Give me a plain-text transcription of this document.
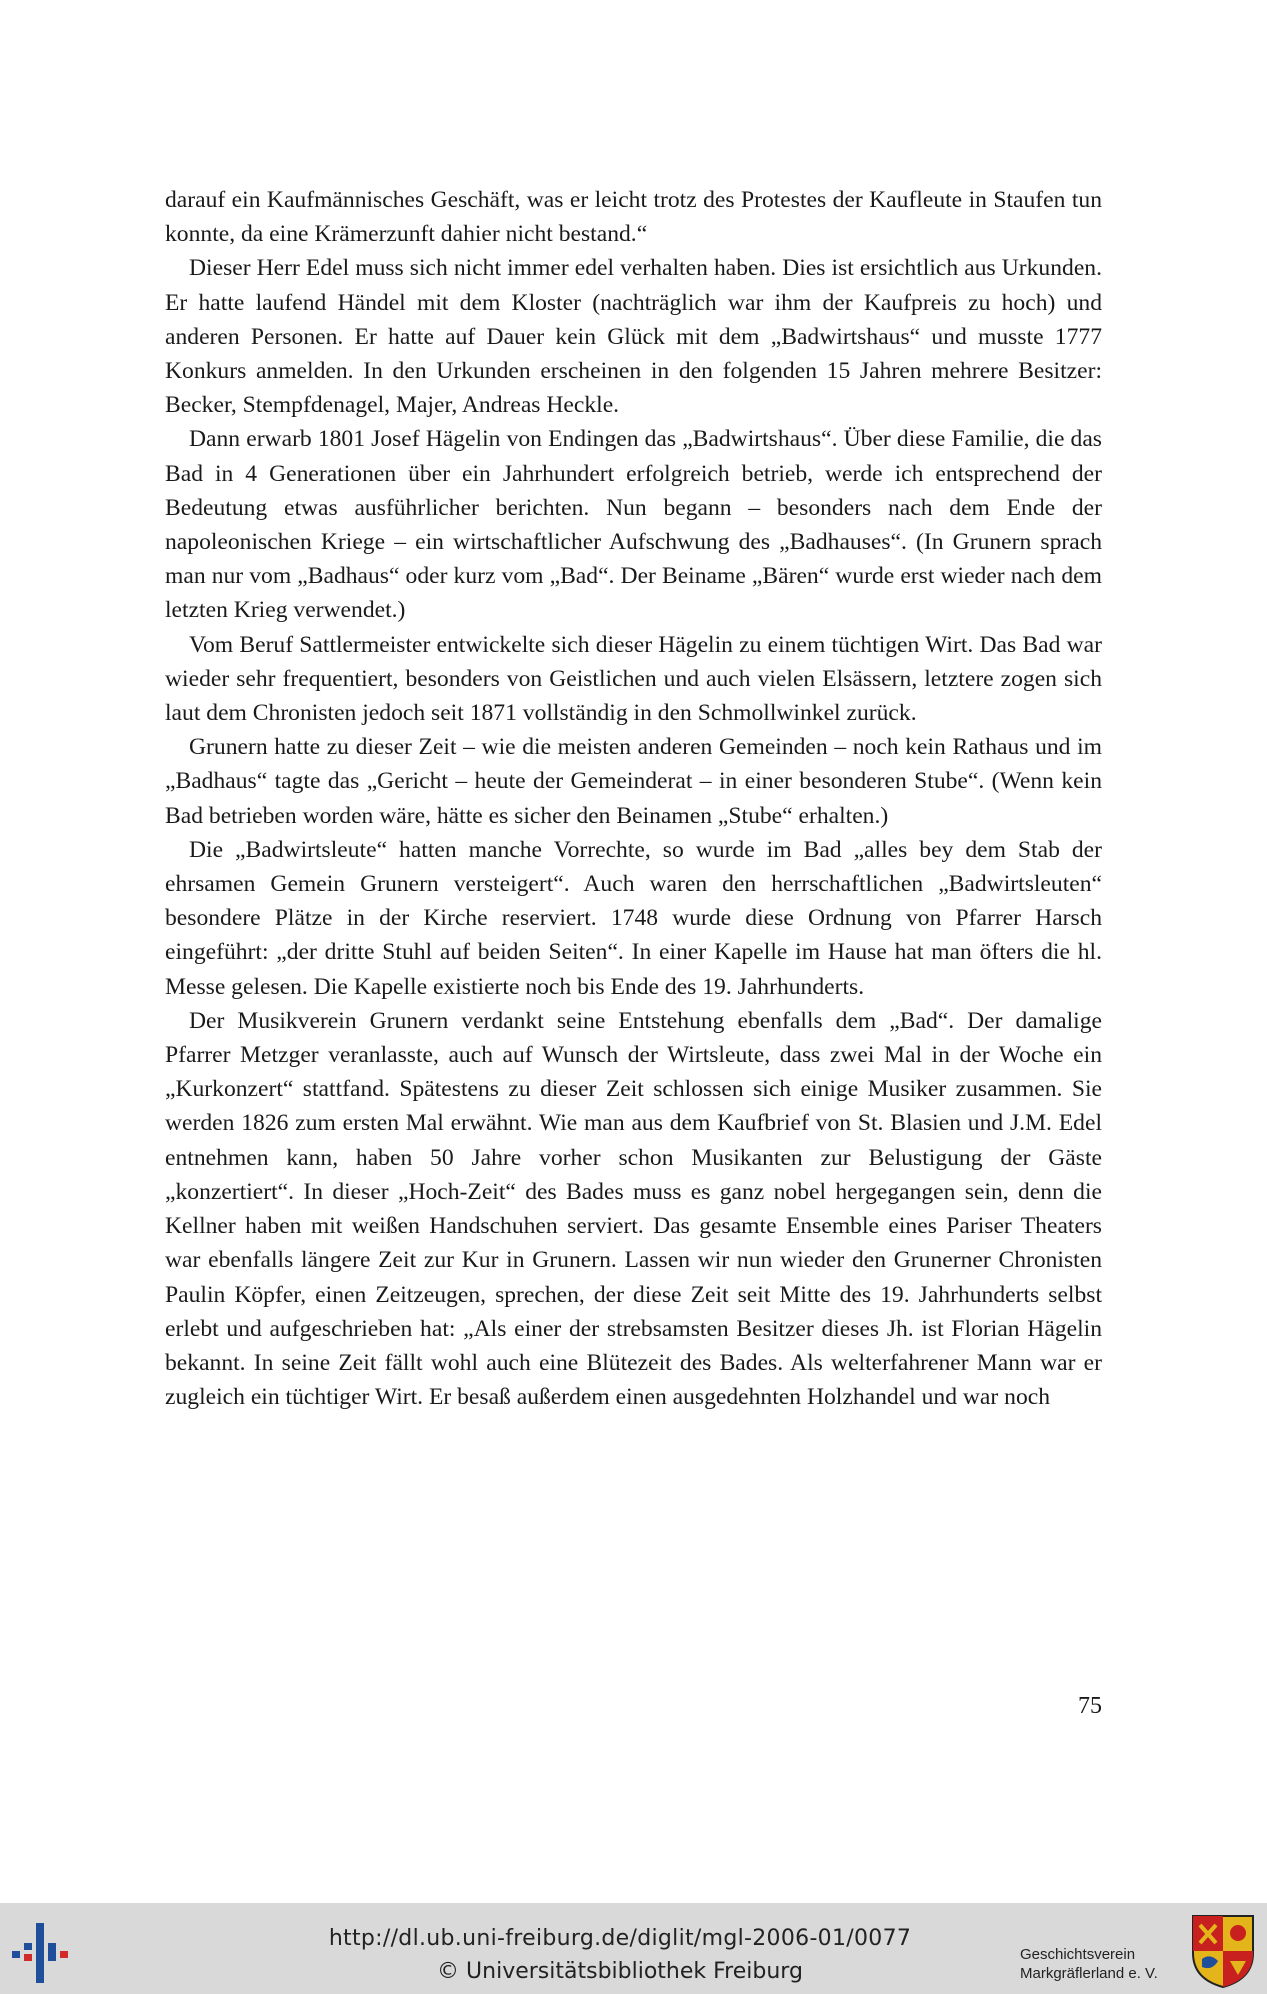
darauf ein Kaufmännisches Geschäft, was er leicht trotz des Protestes der Kaufleute in Staufen tun konnte, da eine Krämerzunft dahier nicht bestand.“

Dieser Herr Edel muss sich nicht immer edel verhalten haben. Dies ist ersichtlich aus Urkunden. Er hatte laufend Händel mit dem Kloster (nachträglich war ihm der Kaufpreis zu hoch) und anderen Personen. Er hatte auf Dauer kein Glück mit dem „Badwirtshaus“ und musste 1777 Konkurs anmelden. In den Urkunden erscheinen in den folgenden 15 Jahren mehrere Besitzer: Becker, Stempfdenagel, Majer, Andreas Heckle.

Dann erwarb 1801 Josef Hägelin von Endingen das „Badwirtshaus“. Über diese Familie, die das Bad in 4 Generationen über ein Jahrhundert erfolgreich betrieb, werde ich entsprechend der Bedeutung etwas ausführlicher berichten. Nun begann – besonders nach dem Ende der napoleonischen Kriege – ein wirtschaftlicher Aufschwung des „Badhauses“. (In Grunern sprach man nur vom „Badhaus“ oder kurz vom „Bad“. Der Beiname „Bären“ wurde erst wieder nach dem letzten Krieg verwendet.)

Vom Beruf Sattlermeister entwickelte sich dieser Hägelin zu einem tüchtigen Wirt. Das Bad war wieder sehr frequentiert, besonders von Geistlichen und auch vielen Elsässern, letztere zogen sich laut dem Chronisten jedoch seit 1871 vollständig in den Schmollwinkel zurück.

Grunern hatte zu dieser Zeit – wie die meisten anderen Gemeinden – noch kein Rathaus und im „Badhaus“ tagte das „Gericht – heute der Gemeinderat – in einer besonderen Stube“. (Wenn kein Bad betrieben worden wäre, hätte es sicher den Beinamen „Stube“ erhalten.)

Die „Badwirtsleute“ hatten manche Vorrechte, so wurde im Bad „alles bey dem Stab der ehrsamen Gemein Grunern versteigert“. Auch waren den herrschaftlichen „Badwirtsleuten“ besondere Plätze in der Kirche reserviert. 1748 wurde diese Ordnung von Pfarrer Harsch eingeführt: „der dritte Stuhl auf beiden Seiten“. In einer Kapelle im Hause hat man öfters die hl. Messe gelesen. Die Kapelle existierte noch bis Ende des 19. Jahrhunderts.

Der Musikverein Grunern verdankt seine Entstehung ebenfalls dem „Bad“. Der damalige Pfarrer Metzger veranlasste, auch auf Wunsch der Wirtsleute, dass zwei Mal in der Woche ein „Kurkonzert“ stattfand. Spätestens zu dieser Zeit schlossen sich einige Musiker zusammen. Sie werden 1826 zum ersten Mal erwähnt. Wie man aus dem Kaufbrief von St. Blasien und J.M. Edel entnehmen kann, haben 50 Jahre vorher schon Musikanten zur Belustigung der Gäste „konzertiert“. In dieser „Hoch-Zeit“ des Bades muss es ganz nobel hergegangen sein, denn die Kellner haben mit weißen Handschuhen serviert. Das gesamte Ensemble eines Pariser Theaters war ebenfalls längere Zeit zur Kur in Grunern. Lassen wir nun wieder den Grunerner Chronisten Paulin Köpfer, einen Zeitzeugen, sprechen, der diese Zeit seit Mitte des 19. Jahrhunderts selbst erlebt und aufgeschrieben hat: „Als einer der strebsamsten Besitzer dieses Jh. ist Florian Hägelin bekannt. In seine Zeit fällt wohl auch eine Blütezeit des Bades. Als welterfahrener Mann war er zugleich ein tüchtiger Wirt. Er besaß außerdem einen ausgedehnten Holzhandel und war noch

75
http://dl.ub.uni-freiburg.de/diglit/mgl-2006-01/0077
© Universitätsbibliothek Freiburg
Geschichtsverein
Markgräflerland e. V.
